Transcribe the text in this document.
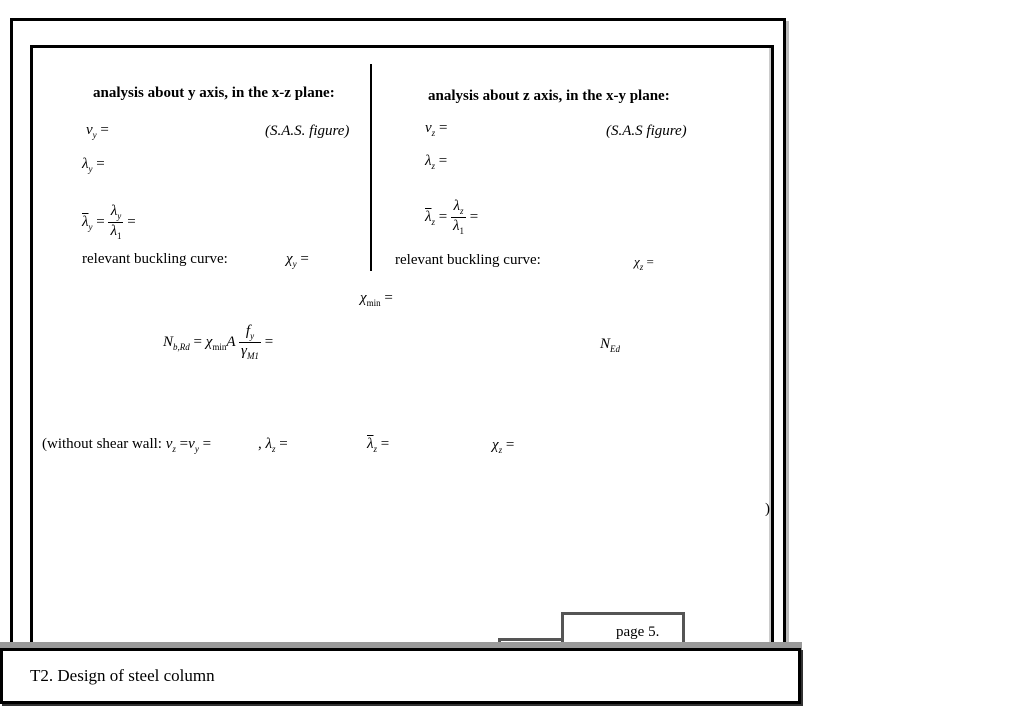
analysis about y axis, in the x-z plane:
$\nu_y$ =	(S.A.S. figure)
$\lambda_y$ =
$\overline{\lambda}_y = \frac{\lambda_y}{\lambda_1}$ =
relevant buckling curve:	$\chi_y$ =
analysis about z axis, in the x-y plane:
$\nu_z$ =	(S.A.S figure)
$\lambda_z$ =
$\overline{\lambda}_z = \frac{\lambda_z}{\lambda_1}$ =
relevant buckling curve:	$\chi_z$ =
$\chi_{min}$ =
$N_{b,Rd} = \chi_{min}A \frac{f_y}{\gamma_{M1}}$ =	$N_{Ed}$
(without shear wall: $\nu_z =\nu_y$ =	, $\lambda_z$ =	$\overline{\lambda}_z$ =	$\chi_z$ =
)
page 5.
T2. Design of steel column
